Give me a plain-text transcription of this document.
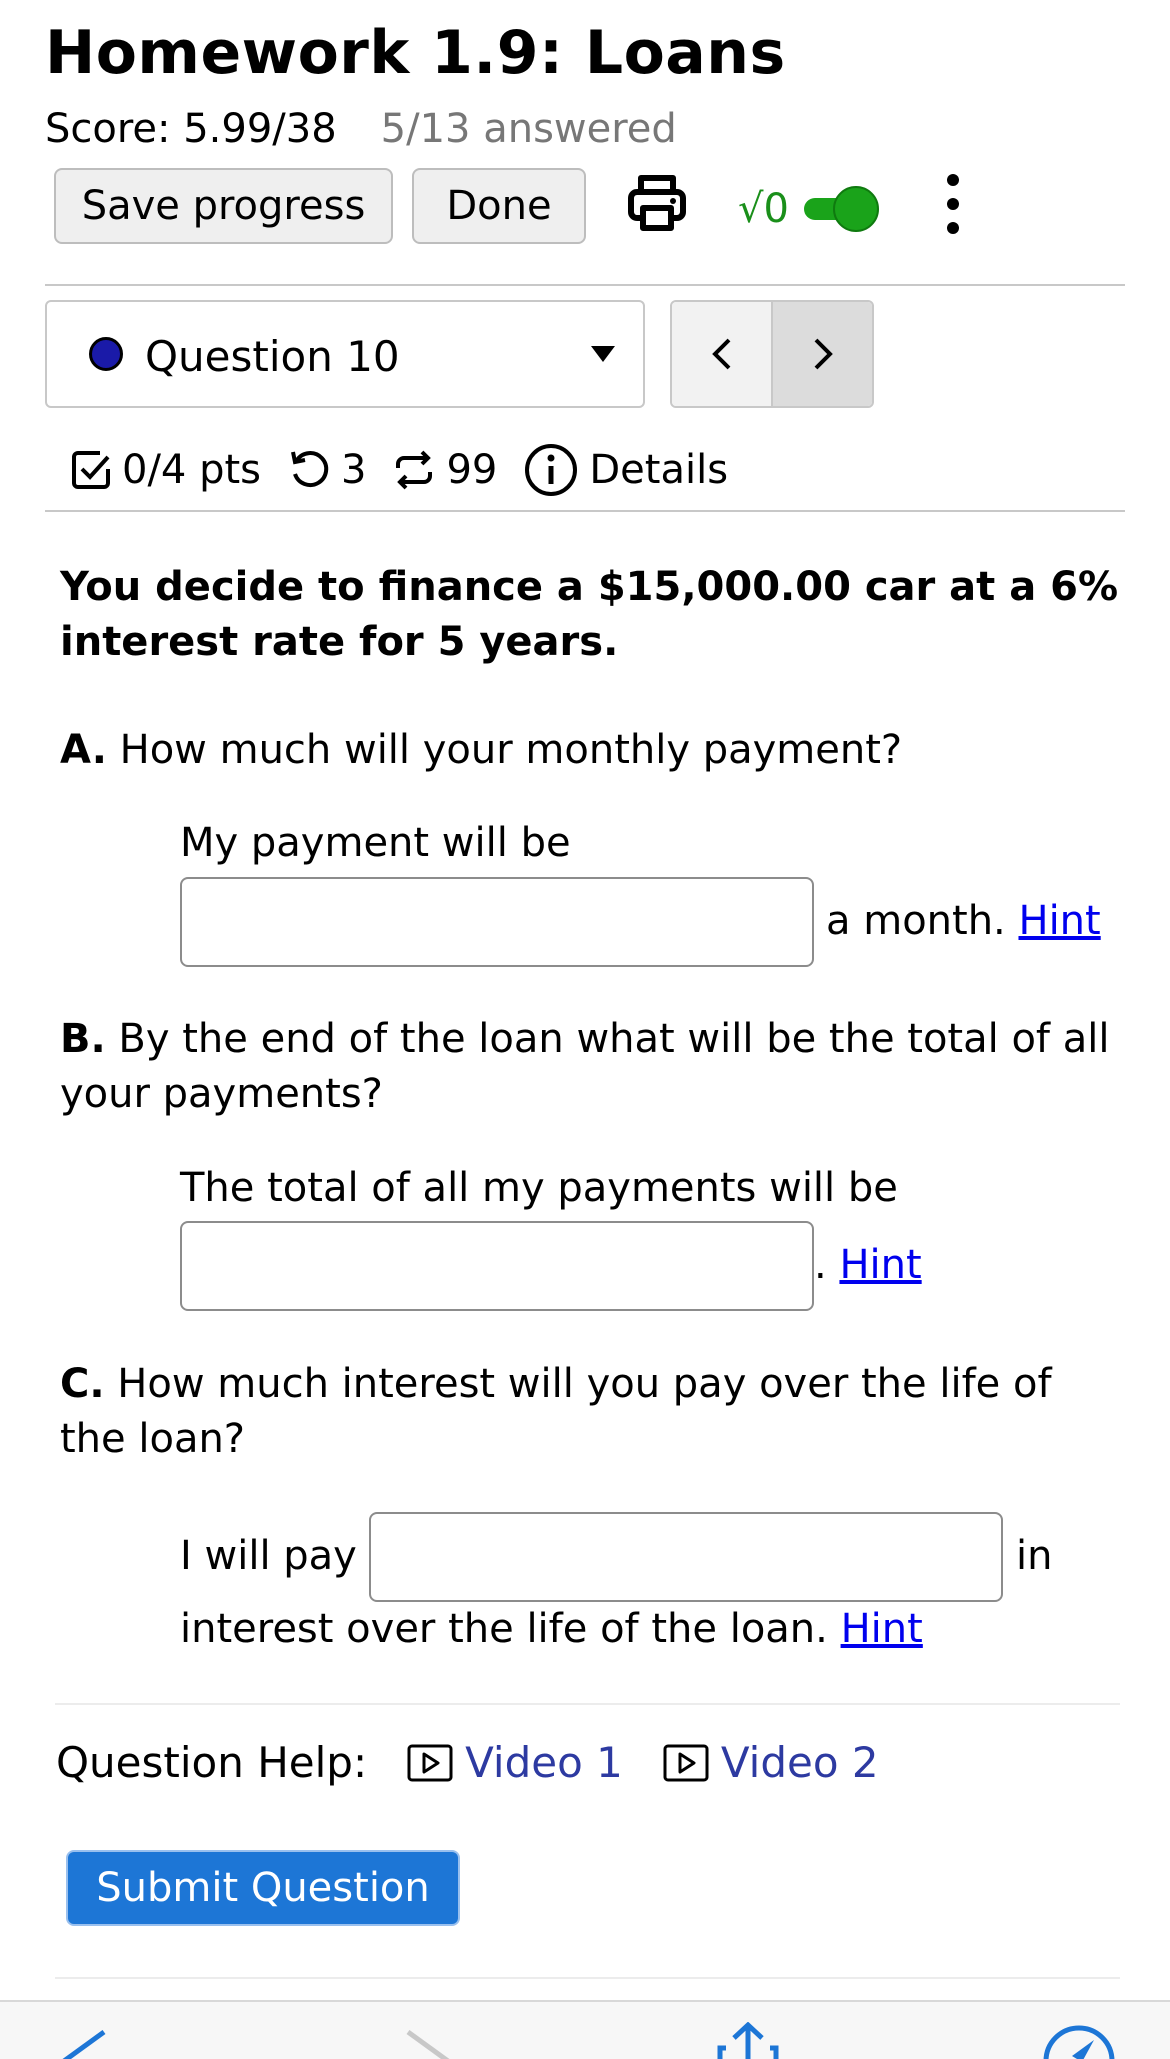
Homework 1.9: Loans
Score: 5.99/38 5/13 answered
Save progress	Done	√0
Question 10
0/4 pts 3 99 Details
You decide to finance a $15,000.00 car at a 6% interest rate for 5 years.
A. How much will your monthly payment?
My payment will be
a month. Hint
B. By the end of the loan what will be the total of all your payments?
The total of all my payments will be
. Hint
C. How much interest will you pay over the life of the loan?
I will pay	in
interest over the life of the loan. Hint
Question Help: Video 1 Video 2
Submit Question
